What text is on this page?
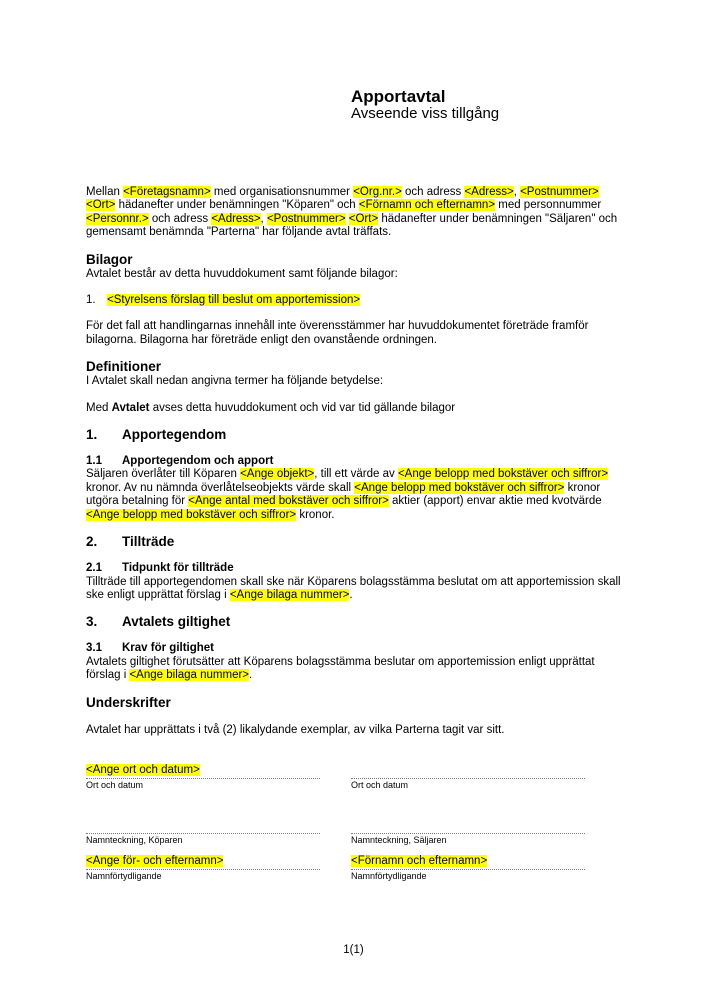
Apportavtal
Avseende viss tillgång
Mellan <Företagsnamn> med organisationsnummer <Org.nr.> och adress <Adress>, <Postnummer> <Ort> hädanefter under benämningen "Köparen" och <Förnamn och efternamn> med personnummer <Personnr.> och adress <Adress>, <Postnummer> <Ort> hädanefter under benämningen "Säljaren" och gemensamt benämnda "Parterna" har följande avtal träffats.
Bilagor
Avtalet består av detta huvuddokument samt följande bilagor:
1. <Styrelsens förslag till beslut om apportemission>
För det fall att handlingarnas innehåll inte överensstämmer har huvuddokumentet företräde framför bilagorna. Bilagorna har företräde enligt den ovanstående ordningen.
Definitioner
I Avtalet skall nedan angivna termer ha följande betydelse:
Med Avtalet avses detta huvuddokument och vid var tid gällande bilagor
1. Apportegendom
1.1 Apportegendom och apport
Säljaren överlåter till Köparen <Ange objekt>, till ett värde av <Ange belopp med bokstäver och siffror> kronor. Av nu nämnda överlåtelseobjekts värde skall <Ange belopp med bokstäver och siffror> kronor utgöra betalning för <Ange antal med bokstäver och siffror> aktier (apport) envar aktie med kvotvärde <Ange belopp med bokstäver och siffror> kronor.
2. Tillträde
2.1 Tidpunkt för tillträde
Tillträde till apportegendomen skall ske när Köparens bolagsstämma beslutat om att apportemission skall ske enligt upprättat förslag i <Ange bilaga nummer>.
3. Avtalets giltighet
3.1 Krav för giltighet
Avtalets giltighet förutsätter att Köparens bolagsstämma beslutar om apportemission enligt upprättat förslag i <Ange bilaga nummer>.
Underskrifter
Avtalet har upprättats i två (2) likalydande exemplar, av vilka Parterna tagit var sitt.
<Ange ort och datum>
Ort och datum	Ort och datum
Namnteckning, Köparen
<Ange för- och efternamn>
Namnförtydligande
Namnteckning, Säljaren
<Förnamn och efternamn>
Namnförtydligande
1(1)
